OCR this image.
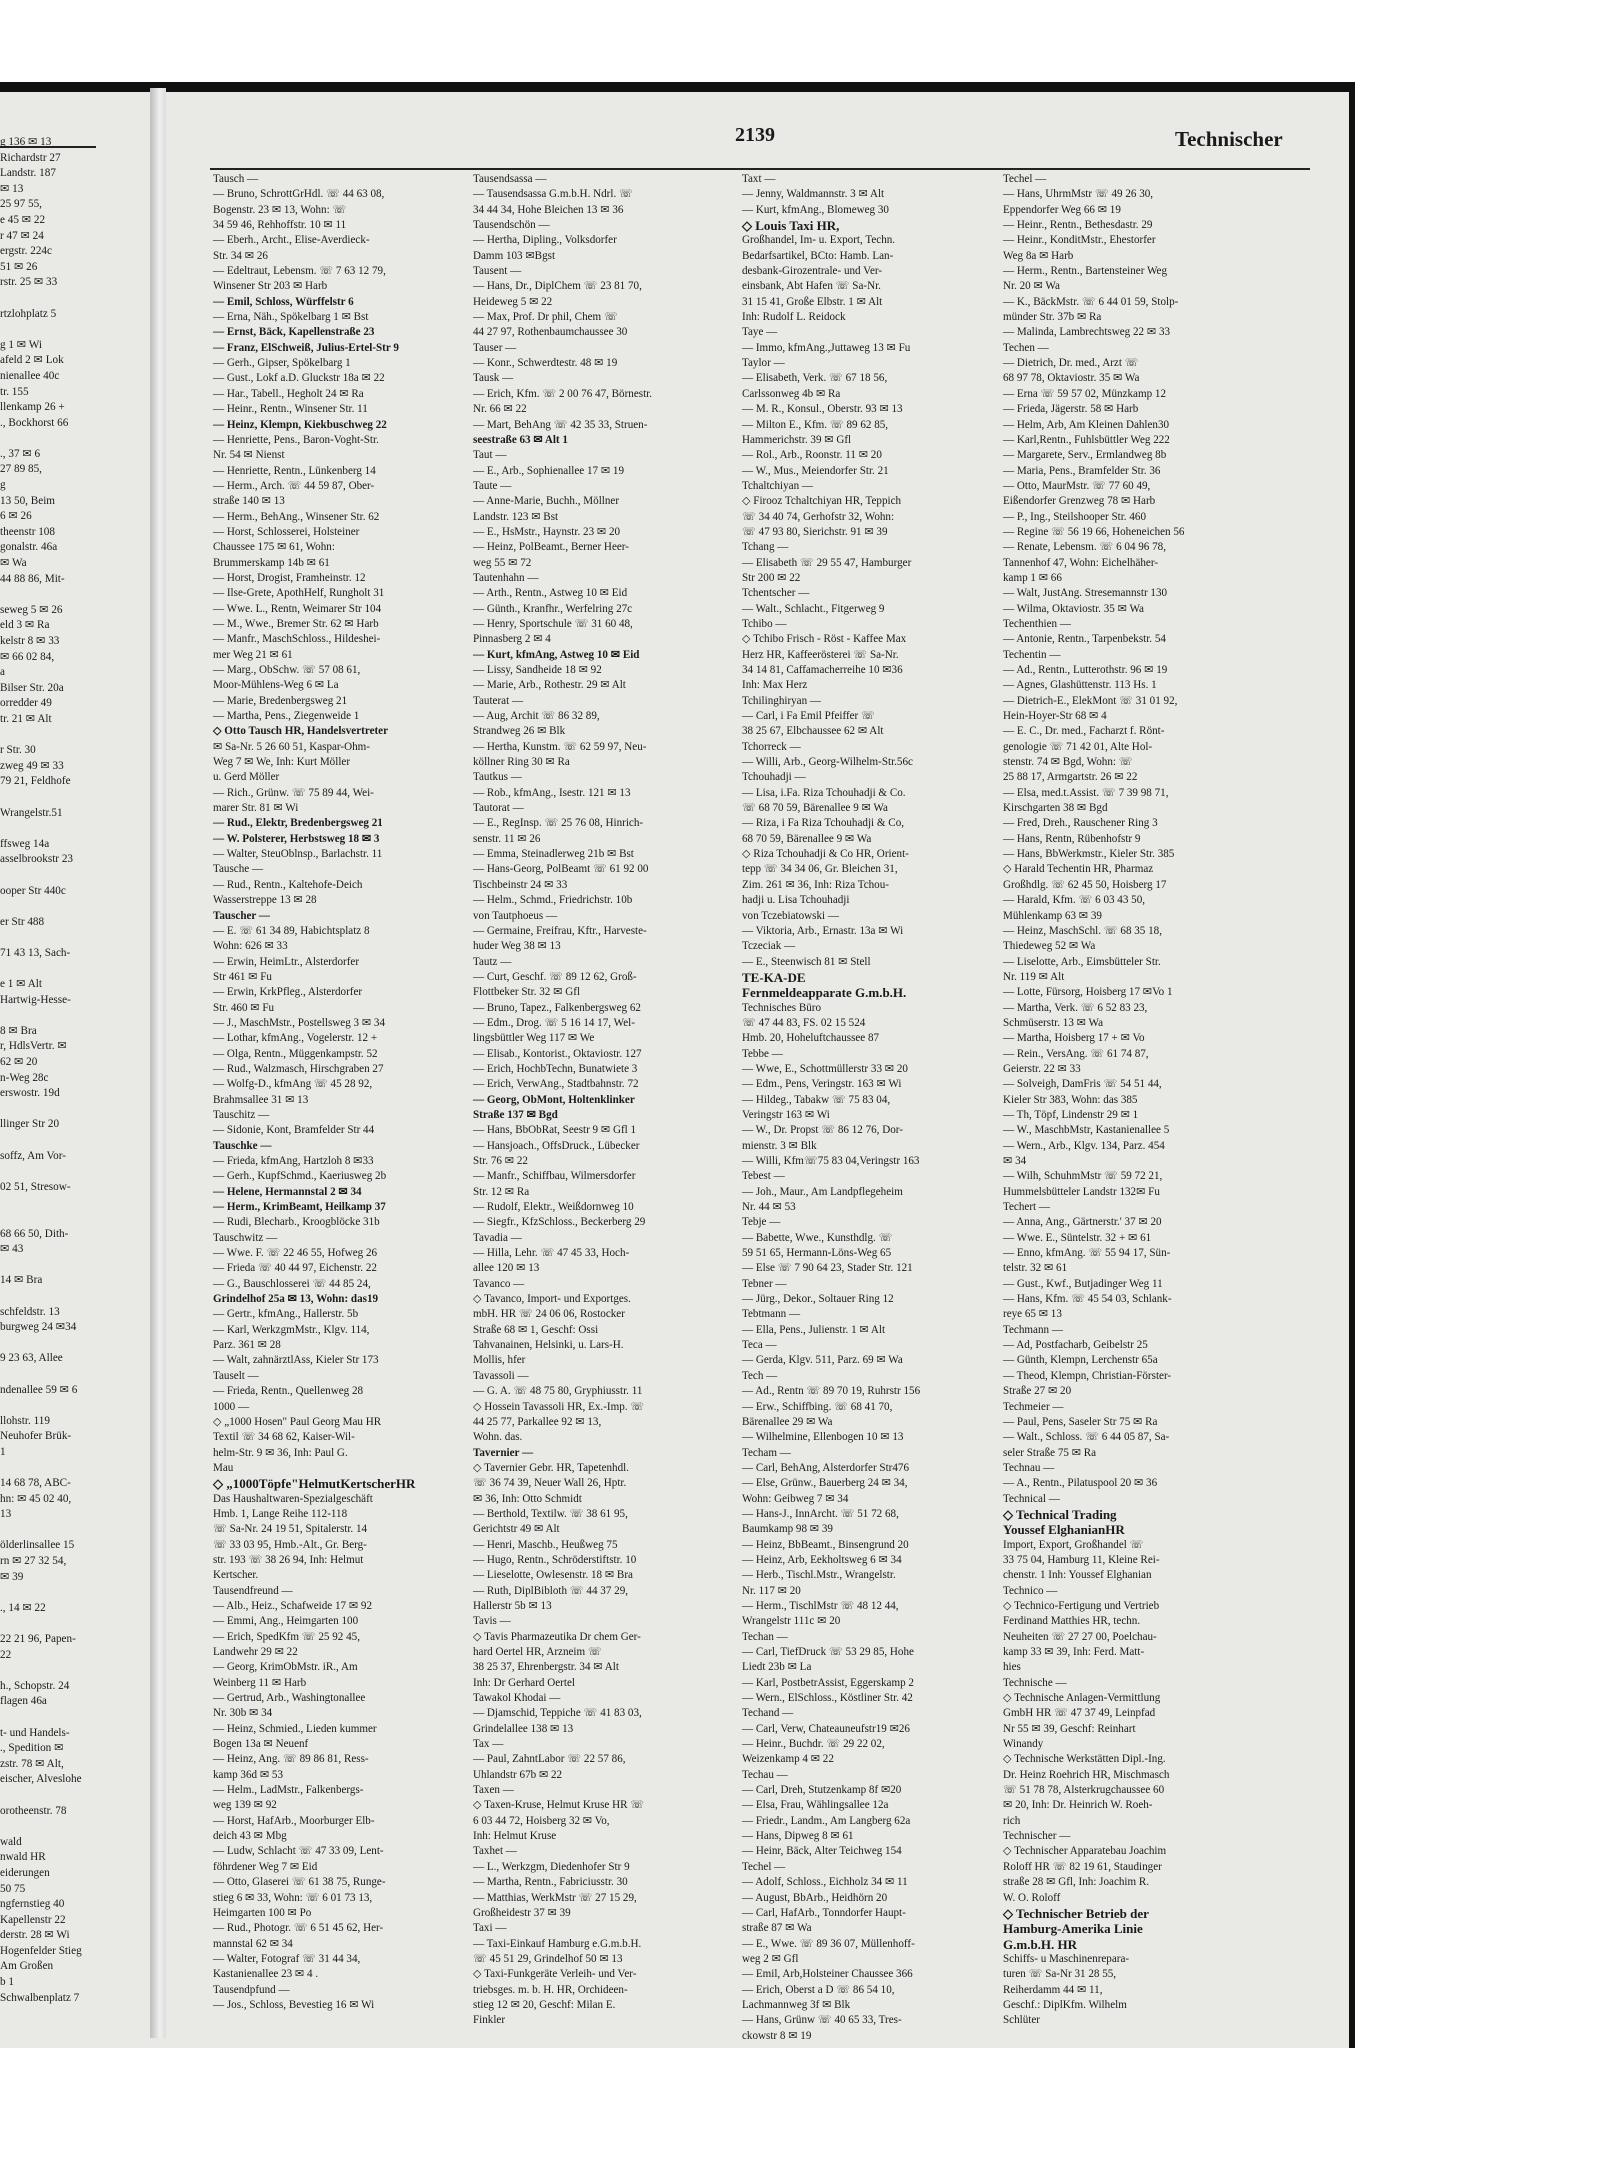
g 136 ✉ 13
Richardstr 27
Landstr. 187
✉ 13
25 97 55,
e 45 ✉ 22
r 47 ✉ 24
ergstr. 224c
51 ✉ 26
rstr. 25 ✉ 33

rtzlohplatz 5

g 1 ✉ Wi
afeld 2 ✉ Lok
nienallee 40c
tr. 155
llenkamp 26 +
., Bockhorst 66

., 37 ✉ 6
27 89 85,
g
13 50, Beim
6 ✉ 26
theenstr 108
gonalstr. 46a
✉ Wa
44 88 86, Mit-

seweg 5 ✉ 26
eld 3 ✉ Ra
kelstr 8 ✉ 33
✉ 66 02 84,
a
Bilser Str. 20a
orredder 49
tr. 21 ✉ Alt

r Str. 30
zweg 49 ✉ 33
79 21, Feldhofe

Wrangelstr.51

ffsweg 14a
asselbrookstr 23

ooper Str 440c

er Str 488

71 43 13, Sach-

e 1 ✉ Alt
Hartwig-Hesse-

8 ✉ Bra
r, HdlsVertr. ✉
62 ✉ 20
n-Weg 28c
erswostr. 19d

llinger Str 20

soffz, Am Vor-

02 51, Stresow-

68 66 50, Dith-
✉ 43

14 ✉ Bra

schfeldstr. 13
burgweg 24 ✉34

9 23 63, Allee

ndenallee 59 ✉ 6

llohstr. 119
Neuhofer Brük-
1

14 68 78, ABC-
hn: ✉ 45 02 40,
13

ölderlinsallee 15
rn ✉ 27 32 54,
✉ 39

., 14 ✉ 22

22 21 96, Papen-
22

h., Schopstr. 24
flagen 46a

t- und Handels-
., Spedition ✉
zstr. 78 ✉ Alt,
eischer, Alveslohe

orotheenstr. 78

wald
nwald HR
eiderungen
50 75
ngfernstieg 40
Kapellenstr 22
derstr. 28 ✉ Wi
Hogenfelder Stieg
Am Großen
b 1
Schwalbenplatz 7
2139	Technischer
Tausch —
— Bruno, SchrottGrHdl. ☏ 44 63 08,
Bogenstr. 23 ✉ 13, Wohn: ☏
34 59 46, Rehhoffstr. 10 ✉ 11
— Eberh., Archt., Elise-Averdieck-
Str. 34 ✉ 26
— Edeltraut, Lebensm. ☏ 7 63 12 79,
Winsener Str 203 ✉ Harb
— Emil, Schloss, Würffelstr 6
— Erna, Näh., Spökelbarg 1 ✉ Bst
— Ernst, Bäck, Kapellenstraße 23
— Franz, ElSchweiß, Julius-Ertel-Str 9
— Gerh., Gipser, Spökelbarg 1
— Gust., Lokf a.D. Gluckstr 18a ✉ 22
— Har., Tabell., Hegholt 24 ✉ Ra
— Heinr., Rentn., Winsener Str. 11
— Heinz, Klempn, Kiekbuschweg 22
— Henriette, Pens., Baron-Voght-Str.
Nr. 54 ✉ Nienst
— Henriette, Rentn., Lünkenberg 14
— Herm., Arch. ☏ 44 59 87, Ober-
straße 140 ✉ 13
— Herm., BehAng., Winsener Str. 62
— Horst, Schlosserei, Holsteiner
Chaussee 175 ✉ 61, Wohn:
Brummerskamp 14b ✉ 61
— Horst, Drogist, Framheinstr. 12
— Ilse-Grete, ApothHelf, Rungholt 31
— Wwe. L., Rentn, Weimarer Str 104
— M., Wwe., Bremer Str. 62 ✉ Harb
— Manfr., MaschSchloss., Hildeshei-
mer Weg 21 ✉ 61
— Marg., ObSchw. ☏ 57 08 61,
Moor-Mühlens-Weg 6 ✉ La
— Marie, Bredenbergsweg 21
— Martha, Pens., Ziegenweide 1
◇ Otto Tausch HR, Handelsvertreter
✉ Sa-Nr. 5 26 60 51, Kaspar-Ohm-
Weg 7 ✉ We, Inh: Kurt Möller
u. Gerd Möller
— Rich., Grünw. ☏ 75 89 44, Wei-
marer Str. 81 ✉ Wi
— Rud., Elektr, Bredenbergsweg 21
— W. Polsterer, Herbstsweg 18 ✉ 3
— Walter, SteuOblnsp., Barlachstr. 11
Tausche —
— Rud., Rentn., Kaltehofe-Deich
Wasserstreppe 13 ✉ 28
Tauscher —
— E. ☏ 61 34 89, Habichtsplatz 8
Wohn: 626 ✉ 33
— Erwin, HeimLtr., Alsterdorfer
Str 461 ✉ Fu
— Erwin, KrkPfleg., Alsterdorfer
Str. 460 ✉ Fu
— J., MaschMstr., Postellsweg 3 ✉ 34
— Lothar, kfmAng., Vogelerstr. 12 +
— Olga, Rentn., Müggenkampstr. 52
— Rud., Walzmasch, Hirschgraben 27
— Wolfg-D., kfmAng ☏ 45 28 92,
Brahmsallee 31 ✉ 13
Tauschitz —
— Sidonie, Kont, Bramfelder Str 44
Tauschke —
— Frieda, kfmAng, Hartzloh 8 ✉33
— Gerh., KupfSchmd., Kaeriusweg 2b
— Helene, Hermannstal 2 ✉ 34
— Herm., KrimBeamt, Heilkamp 37
— Rudi, Blecharb., Kroogblöcke 31b
Tauschwitz —
— Wwe. F. ☏ 22 46 55, Hofweg 26
— Frieda ☏ 40 44 97, Eichenstr. 22
— G., Bauschlosserei ☏ 44 85 24,
Grindelhof 25a ✉ 13, Wohn: das19
— Gertr., kfmAng., Hallerstr. 5b
— Karl, WerkzgmMstr., Klgv. 114,
Parz. 361 ✉ 28
— Walt, zahnärztlAss, Kieler Str 173
Tauselt —
— Frieda, Rentn., Quellenweg 28
1000 —
◇ „1000 Hosen" Paul Georg Mau HR
Textil ☏ 34 68 62, Kaiser-Wil-
helm-Str. 9 ✉ 36, Inh: Paul G.
Mau
◇ „1000Töpfe"HelmutKertscherHR
Das Haushaltwaren-Spezialgeschäft
Hmb. 1, Lange Reihe 112-118
☏ Sa-Nr. 24 19 51, Spitalerstr. 14
☏ 33 03 95, Hmb.-Alt., Gr. Berg-
str. 193 ☏ 38 26 94, Inh: Helmut
Kertscher.
Tausendfreund —
— Alb., Heiz., Schafweide 17 ✉ 92
— Emmi, Ang., Heimgarten 100
— Erich, SpedKfm ☏ 25 92 45,
Landwehr 29 ✉ 22
— Georg, KrimObMstr. iR., Am
Weinberg 11 ✉ Harb
— Gertrud, Arb., Washingtonallee
Nr. 30b ✉ 34
— Heinz, Schmied., Lieden kummer
Bogen 13a ✉ Neuenf
— Heinz, Ang. ☏ 89 86 81, Ress-
kamp 36d ✉ 53
— Helm., LadMstr., Falkenbergs-
weg 139 ✉ 92
— Horst, HafArb., Moorburger Elb-
deich 43 ✉ Mbg
— Ludw, Schlacht ☏ 47 33 09, Lent-
föhrdener Weg 7 ✉ Eid
— Otto, Glaserei ☏ 61 38 75, Runge-
stieg 6 ✉ 33, Wohn: ☏ 6 01 73 13,
Heimgarten 100 ✉ Po
— Rud., Photogr. ☏ 6 51 45 62, Her-
mannstal 62 ✉ 34
— Walter, Fotograf ☏ 31 44 34,
Kastanienallee 23 ✉ 4 .
Tausendpfund —
— Jos., Schloss, Bevestieg 16 ✉ Wi
Tausendsassa —
— Tausendsassa G.m.b.H. Ndrl. ☏
34 44 34, Hohe Bleichen 13 ✉ 36
Tausendschön —
— Hertha, Dipling., Volksdorfer
Damm 103 ✉Bgst
Tausent —
— Hans, Dr., DiplChem ☏ 23 81 70,
Heideweg 5 ✉ 22
— Max, Prof. Dr phil, Chem ☏
44 27 97, Rothenbaumchaussee 30
Tauser —
— Konr., Schwerdtestr. 48 ✉ 19
Tausk —
— Erich, Kfm. ☏ 2 00 76 47, Börnestr.
Nr. 66 ✉ 22
— Mart, BehAng ☏ 42 35 33, Struen-
seestraße 63 ✉ Alt 1
Taut —
— E., Arb., Sophienallee 17 ✉ 19
Taute —
— Anne-Marie, Buchh., Möllner
Landstr. 123 ✉ Bst
— E., HsMstr., Haynstr. 23 ✉ 20
— Heinz, PolBeamt., Berner Heer-
weg 55 ✉ 72
Tautenhahn —
— Arth., Rentn., Astweg 10 ✉ Eid
— Günth., Kranfhr., Werfelring 27c
— Henry, Sportschule ☏ 31 60 48,
Pinnasberg 2 ✉ 4
— Kurt, kfmAng, Astweg 10 ✉ Eid
— Lissy, Sandheide 18 ✉ 92
— Marie, Arb., Rothestr. 29 ✉ Alt
Tauterat —
— Aug, Archit ☏ 86 32 89,
Strandweg 26 ✉ Blk
— Hertha, Kunstm. ☏ 62 59 97, Neu-
köllner Ring 30 ✉ Ra
Tautkus —
— Rob., kfmAng., Isestr. 121 ✉ 13
Tautorat —
— E., RegInsp. ☏ 25 76 08, Hinrich-
senstr. 11 ✉ 26
— Emma, Steinadlerweg 21b ✉ Bst
— Hans-Georg, PolBeamt ☏ 61 92 00
Tischbeinstr 24 ✉ 33
— Helm., Schmd., Friedrichstr. 10b
von Tautphoeus —
— Germaine, Freifrau, Kftr., Harveste-
huder Weg 38 ✉ 13
Tautz —
— Curt, Geschf. ☏ 89 12 62, Groß-
Flottbeker Str. 32 ✉ Gfl
— Bruno, Tapez., Falkenbergsweg 62
— Edm., Drog. ☏ 5 16 14 17, Wel-
lingsbüttler Weg 117 ✉ We
— Elisab., Kontorist., Oktaviostr. 127
— Erich, HochbTechn, Bunatwiete 3
— Erich, VerwAng., Stadtbahnstr. 72
— Georg, ObMont, Holtenklinker
Straße 137 ✉ Bgd
— Hans, BbObRat, Seestr 9 ✉ Gfl 1
— Hansjoach., OffsDruck., Lübecker
Str. 76 ✉ 22
— Manfr., Schiffbau, Wilmersdorfer
Str. 12 ✉ Ra
— Rudolf, Elektr., Weißdornweg 10
— Siegfr., KfzSchloss., Beckerberg 29
Tavadia —
— Hilla, Lehr. ☏ 47 45 33, Hoch-
allee 120 ✉ 13
Tavanco —
◇ Tavanco, Import- und Exportges.
mbH. HR ☏ 24 06 06, Rostocker
Straße 68 ✉ 1, Geschf: Ossi
Tahvanainen, Helsinki, u. Lars-H.
Mollis, hfer
Tavassoli —
— G. A. ☏ 48 75 80, Gryphiusstr. 11
◇ Hossein Tavassoli HR, Ex.-Imp. ☏
44 25 77, Parkallee 92 ✉ 13,
Wohn. das.
Tavernier —
◇ Tavernier Gebr. HR, Tapetenhdl.
☏ 36 74 39, Neuer Wall 26, Hptr.
✉ 36, Inh: Otto Schmidt
— Berthold, Textilw. ☏ 38 61 95,
Gerichtstr 49 ✉ Alt
— Henri, Maschb., Heußweg 75
— Hugo, Rentn., Schröderstiftstr. 10
— Lieselotte, Owlesenstr. 18 ✉ Bra
— Ruth, DiplBibloth ☏ 44 37 29,
Hallerstr 5b ✉ 13
Tavis —
◇ Tavis Pharmazeutika Dr chem Ger-
hard Oertel HR, Arzneim ☏
38 25 37, Ehrenbergstr. 34 ✉ Alt
Inh: Dr Gerhard Oertel
Tawakol Khodai —
— Djamschid, Teppiche ☏ 41 83 03,
Grindelallee 138 ✉ 13
Tax —
— Paul, ZahntLabor ☏ 22 57 86,
Uhlandstr 67b ✉ 22
Taxen —
◇ Taxen-Kruse, Helmut Kruse HR ☏
6 03 44 72, Hoisberg 32 ✉ Vo,
Inh: Helmut Kruse
Taxhet —
— L., Werkzgm, Diedenhofer Str 9
— Martha, Rentn., Fabriciusstr. 30
— Matthias, WerkMstr ☏ 27 15 29,
Großheidestr 37 ✉ 39
Taxi —
— Taxi-Einkauf Hamburg e.G.m.b.H.
☏ 45 51 29, Grindelhof 50 ✉ 13
◇ Taxi-Funkgeräte Verleih- und Ver-
triebsges. m. b. H. HR, Orchideen-
stieg 12 ✉ 20, Geschf: Milan E.
Finkler
Taxt —
— Jenny, Waldmannstr. 3 ✉ Alt
— Kurt, kfmAng., Blomeweg 30
◇ Louis Taxi HR,
Großhandel, Im- u. Export, Techn.
Bedarfsartikel, BCto: Hamb. Lan-
desbank-Girozentrale- und Ver-
einsbank, Abt Hafen ☏ Sa-Nr.
31 15 41, Große Elbstr. 1 ✉ Alt
Inh: Rudolf L. Reidock
Taye —
— Immo, kfmAng.,Juttaweg 13 ✉ Fu
Taylor —
— Elisabeth, Verk. ☏ 67 18 56,
Carlssonweg 4b ✉ Ra
— M. R., Konsul., Oberstr. 93 ✉ 13
— Milton E., Kfm. ☏ 89 62 85,
Hammerichstr. 39 ✉ Gfl
— Rol., Arb., Roonstr. 11 ✉ 20
— W., Mus., Meiendorfer Str. 21
Tchaltchiyan —
◇ Firooz Tchaltchiyan HR, Teppich
☏ 34 40 74, Gerhofstr 32, Wohn:
☏ 47 93 80, Sierichstr. 91 ✉ 39
Tchang —
— Elisabeth ☏ 29 55 47, Hamburger
Str 200 ✉ 22
Tchentscher —
— Walt., Schlacht., Fitgerweg 9
Tchibo —
◇ Tchibo Frisch - Röst - Kaffee Max
Herz HR, Kaffeerösterei ☏ Sa-Nr.
34 14 81, Caffamacherreihe 10 ✉36
Inh: Max Herz
Tchilinghiryan —
— Carl, i Fa Emil Pfeiffer ☏
38 25 67, Elbchaussee 62 ✉ Alt
Tchorreck —
— Willi, Arb., Georg-Wilhelm-Str.56c
Tchouhadji —
— Lisa, i.Fa. Riza Tchouhadji & Co.
☏ 68 70 59, Bärenallee 9 ✉ Wa
— Riza, i Fa Riza Tchouhadji & Co,
68 70 59, Bärenallee 9 ✉ Wa
◇ Riza Tchouhadji & Co HR, Orient-
tepp ☏ 34 34 06, Gr. Bleichen 31,
Zim. 261 ✉ 36, Inh: Riza Tchou-
hadji u. Lisa Tchouhadji
von Tczebiatowski —
— Viktoria, Arb., Ernastr. 13a ✉ Wi
Tczeciak —
— E., Steenwisch 81 ✉ Stell
TE-KA-DE
Fernmeldeapparate G.m.b.H.
Technisches Büro
☏ 47 44 83, FS. 02 15 524
Hmb. 20, Hoheluftchaussee 87
Tebbe —
— Wwe, E., Schottmüllerstr 33 ✉ 20
— Edm., Pens, Veringstr. 163 ✉ Wi
— Hildeg., Tabakw ☏ 75 83 04,
Veringstr 163 ✉ Wi
— W., Dr. Propst ☏ 86 12 76, Dor-
mienstr. 3 ✉ Blk
— Willi, Kfm☏75 83 04,Veringstr 163
Tebest —
— Joh., Maur., Am Landpflegeheim
Nr. 44 ✉ 53
Tebje —
— Babette, Wwe., Kunsthdlg. ☏
59 51 65, Hermann-Löns-Weg 65
— Else ☏ 7 90 64 23, Stader Str. 121
Tebner —
— Jürg., Dekor., Soltauer Ring 12
Tebtmann —
— Ella, Pens., Julienstr. 1 ✉ Alt
Teca —
— Gerda, Klgv. 511, Parz. 69 ✉ Wa
Tech —
— Ad., Rentn ☏ 89 70 19, Ruhrstr 156
— Erw., Schiffbing. ☏ 68 41 70,
Bärenallee 29 ✉ Wa
— Wilhelmine, Ellenbogen 10 ✉ 13
Techam —
— Carl, BehAng, Alsterdorfer Str476
— Else, Grünw., Bauerberg 24 ✉ 34,
Wohn: Geibweg 7 ✉ 34
— Hans-J., InnArcht. ☏ 51 72 68,
Baumkamp 98 ✉ 39
— Heinz, BbBeamt., Binsengrund 20
— Heinz, Arb, Eekholtsweg 6 ✉ 34
— Herb., Tischl.Mstr., Wrangelstr.
Nr. 117 ✉ 20
— Herm., TischlMstr ☏ 48 12 44,
Wrangelstr 111c ✉ 20
Techan —
— Carl, TiefDruck ☏ 53 29 85, Hohe
Liedt 23b ✉ La
— Karl, PostbetrAssist, Eggerskamp 2
— Wern., ElSchloss., Köstliner Str. 42
Techand —
— Carl, Verw, Chateauneufstr19 ✉26
— Heinr., Buchdr. ☏ 29 22 02,
Weizenkamp 4 ✉ 22
Techau —
— Carl, Dreh, Stutzenkamp 8f ✉20
— Elsa, Frau, Wählingsallee 12a
— Friedr., Landm., Am Langberg 62a
— Hans, Dipweg 8 ✉ 61
— Heinr, Bäck, Alter Teichweg 154
Techel —
— Adolf, Schloss., Eichholz 34 ✉ 11
— August, BbArb., Heidhörn 20
— Carl, HafArb., Tonndorfer Haupt-
straße 87 ✉ Wa
— E., Wwe. ☏ 89 36 07, Müllenhoff-
weg 2 ✉ Gfl
— Emil, Arb,Holsteiner Chaussee 366
— Erich, Oberst a D ☏ 86 54 10,
Lachmannweg 3f ✉ Blk
— Hans, Grünw ☏ 40 65 33, Tres-
ckowstr 8 ✉ 19
Techel —
— Hans, UhrmMstr ☏ 49 26 30,
Eppendorfer Weg 66 ✉ 19
— Heinr., Rentn., Bethesdastr. 29
— Heinr., KonditMstr., Ehestorfer
Weg 8a ✉ Harb
— Herm., Rentn., Bartensteiner Weg
Nr. 20 ✉ Wa
— K., BäckMstr. ☏ 6 44 01 59, Stolp-
münder Str. 37b ✉ Ra
— Malinda, Lambrechtsweg 22 ✉ 33
Techen —
— Dietrich, Dr. med., Arzt ☏
68 97 78, Oktaviostr. 35 ✉ Wa
— Erna ☏ 59 57 02, Münzkamp 12
— Frieda, Jägerstr. 58 ✉ Harb
— Helm, Arb, Am Kleinen Dahlen30
— Karl,Rentn., Fuhlsbüttler Weg 222
— Margarete, Serv., Ermlandweg 8b
— Maria, Pens., Bramfelder Str. 36
— Otto, MaurMstr. ☏ 77 60 49,
Eißendorfer Grenzweg 78 ✉ Harb
— P., Ing., Steilshooper Str. 460
— Regine ☏ 56 19 66, Hoheneichen 56
— Renate, Lebensm. ☏ 6 04 96 78,
Tannenhof 47, Wohn: Eichelhäher-
kamp 1 ✉ 66
— Walt, JustAng. Stresemannstr 130
— Wilma, Oktaviostr. 35 ✉ Wa
Techenthien —
— Antonie, Rentn., Tarpenbekstr. 54
Techentin —
— Ad., Rentn., Lutterothstr. 96 ✉ 19
— Agnes, Glashüttenstr. 113 Hs. 1
— Dietrich-E., ElekMont ☏ 31 01 92,
Hein-Hoyer-Str 68 ✉ 4
— E. C., Dr. med., Facharzt f. Rönt-
genologie ☏ 71 42 01, Alte Hol-
stenstr. 74 ✉ Bgd, Wohn: ☏
25 88 17, Armgartstr. 26 ✉ 22
— Elsa, med.t.Assist. ☏ 7 39 98 71,
Kirschgarten 38 ✉ Bgd
— Fred, Dreh., Rauschener Ring 3
— Hans, Rentn, Rübenhofstr 9
— Hans, BbWerkmstr., Kieler Str. 385
◇ Harald Techentin HR, Pharmaz
Großhdlg. ☏ 62 45 50, Hoisberg 17
— Harald, Kfm. ☏ 6 03 43 50,
Mühlenkamp 63 ✉ 39
— Heinz, MaschSchl. ☏ 68 35 18,
Thiedeweg 52 ✉ Wa
— Liselotte, Arb., Eimsbütteler Str.
Nr. 119 ✉ Alt
— Lotte, Fürsorg, Hoisberg 17 ✉Vo 1
— Martha, Verk. ☏ 6 52 83 23,
Schmüserstr. 13 ✉ Wa
— Martha, Hoisberg 17 + ✉ Vo
— Rein., VersAng. ☏ 61 74 87,
Geierstr. 22 ✉ 33
— Solveigh, DamFris ☏ 54 51 44,
Kieler Str 383, Wohn: das 385
— Th, Töpf, Lindenstr 29 ✉ 1
— W., MaschbMstr, Kastanienallee 5
— Wern., Arb., Klgv. 134, Parz. 454
✉ 34
— Wilh, SchuhmMstr ☏ 59 72 21,
Hummelsbütteler Landstr 132✉ Fu
Techert —
— Anna, Ang., Gärtnerstr.' 37 ✉ 20
— Wwe. E., Süntelstr. 32 + ✉ 61
— Enno, kfmAng. ☏ 55 94 17, Sün-
telstr. 32 ✉ 61
— Gust., Kwf., Butjadinger Weg 11
— Hans, Kfm. ☏ 45 54 03, Schlank-
reye 65 ✉ 13
Techmann —
— Ad, Postfacharb, Geibelstr 25
— Günth, Klempn, Lerchenstr 65a
— Theod, Klempn, Christian-Förster-
Straße 27 ✉ 20
Techmeier —
— Paul, Pens, Saseler Str 75 ✉ Ra
— Walt., Schloss. ☏ 6 44 05 87, Sa-
seler Straße 75 ✉ Ra
Technau —
— A., Rentn., Pilatuspool 20 ✉ 36
Technical —
◇ Technical Trading
Youssef ElghanianHR
Import, Export, Großhandel ☏
33 75 04, Hamburg 11, Kleine Rei-
chenstr. 1 Inh: Youssef Elghanian
Technico —
◇ Technico-Fertigung und Vertrieb
Ferdinand Matthies HR, techn.
Neuheiten ☏ 27 27 00, Poelchau-
kamp 33 ✉ 39, Inh: Ferd. Matt-
hies
Technische —
◇ Technische Anlagen-Vermittlung
GmbH HR ☏ 47 37 49, Leinpfad
Nr 55 ✉ 39, Geschf: Reinhart
Winandy
◇ Technische Werkstätten Dipl.-Ing.
Dr. Heinz Roehrich HR, Mischmasch
☏ 51 78 78, Alsterkrugchaussee 60
✉ 20, Inh: Dr. Heinrich W. Roeh-
rich
Technischer —
◇ Technischer Apparatebau Joachim
Roloff HR ☏ 82 19 61, Staudinger
straße 28 ✉ Gfl, Inh: Joachim R.
W. O. Roloff
◇ Technischer Betrieb der
Hamburg-Amerika Linie
G.m.b.H. HR
Schiffs- u Maschinenrepara-
turen ☏ Sa-Nr 31 28 55,
Reiherdamm 44 ✉ 11,
Geschf.: DiplKfm. Wilhelm
Schlüter
